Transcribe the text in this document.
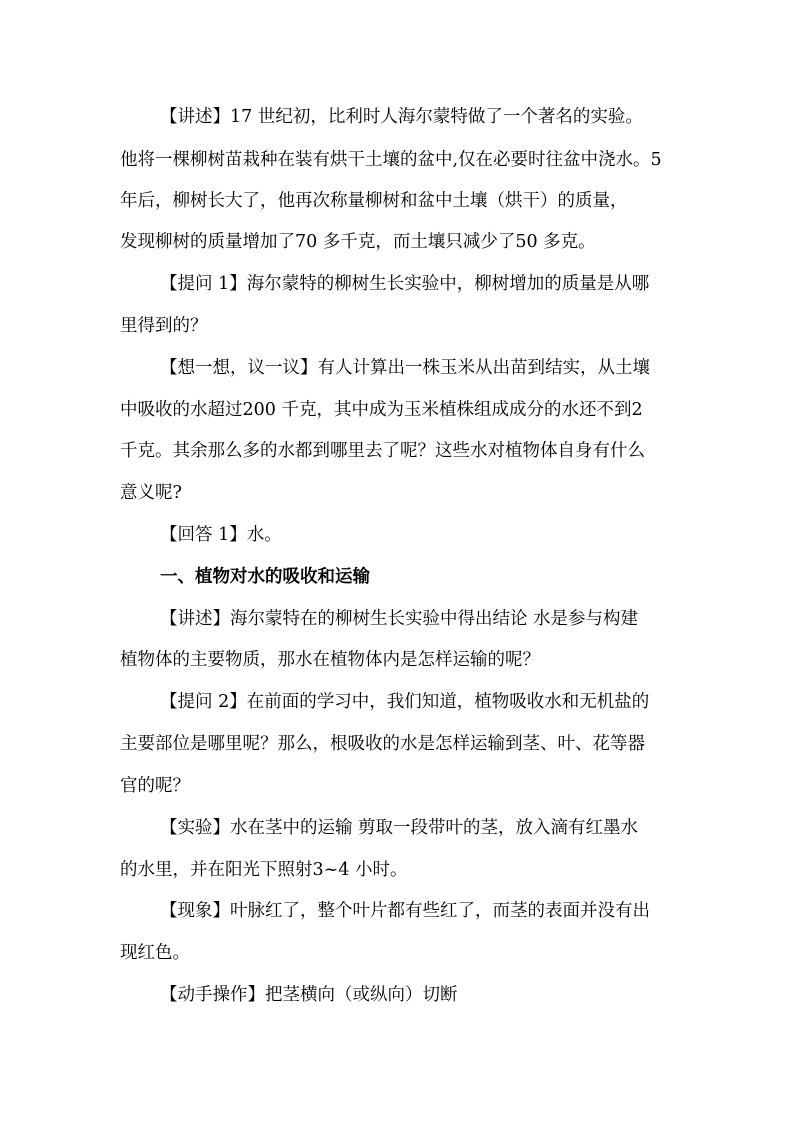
【讲述】17 世纪初，比利时人海尔蒙特做了一个著名的实验。
他将一棵柳树苗栽种在装有烘干土壤的盆中,仅在必要时往盆中浇水。5
年后，柳树长大了，他再次称量柳树和盆中土壤（烘干）的质量，
发现柳树的质量增加了70 多千克，而土壤只减少了50 多克。
【提问 1】海尔蒙特的柳树生长实验中，柳树增加的质量是从哪
里得到的？
【想一想，议一议】有人计算出一株玉米从出苗到结实，从土壤
中吸收的水超过200 千克，其中成为玉米植株组成成分的水还不到2
千克。其余那么多的水都到哪里去了呢？这些水对植物体自身有什么
意义呢?
【回答 1】水。
一、植物对水的吸收和运输
【讲述】海尔蒙特在的柳树生长实验中得出结论 水是参与构建
植物体的主要物质，那水在植物体内是怎样运输的呢？
【提问 2】在前面的学习中，我们知道，植物吸收水和无机盐的
主要部位是哪里呢？那么，根吸收的水是怎样运输到茎、叶、花等器
官的呢？
【实验】水在茎中的运输 剪取一段带叶的茎，放入滴有红墨水
的水里，并在阳光下照射3~4 小时。
【现象】叶脉红了，整个叶片都有些红了，而茎的表面并没有出
现红色。
【动手操作】把茎横向（或纵向）切断
